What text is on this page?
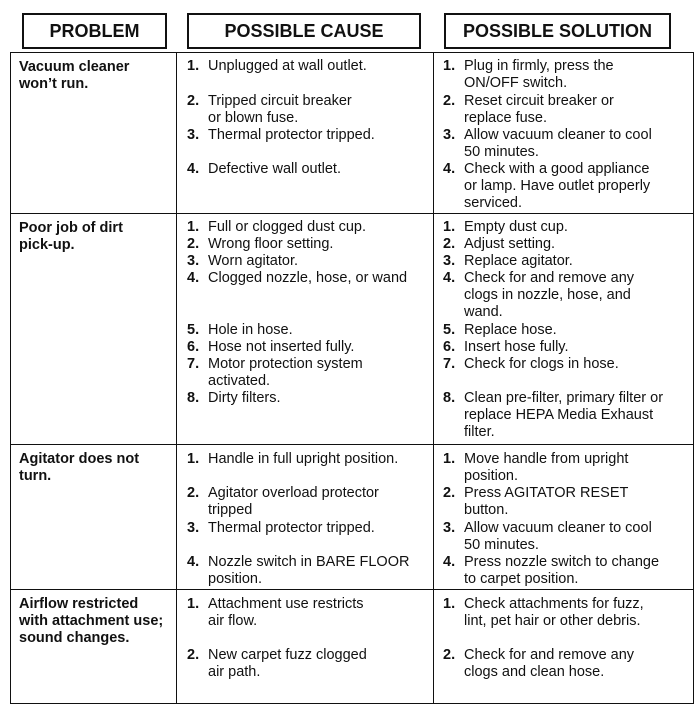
PROBLEM	POSSIBLE CAUSE	POSSIBLE SOLUTION
Vacuum cleaner
won’t run.
1. Unplugged at wall outlet.
2. Tripped circuit breaker
or blown fuse.
3. Thermal protector tripped.
4. Defective wall outlet.
1. Plug in firmly, press the
ON/OFF switch.
2. Reset circuit breaker or
replace fuse.
3. Allow vacuum cleaner to cool
50 minutes.
4. Check with a good appliance
or lamp. Have outlet properly
serviced.
Poor job of dirt
pick-up.
1. Full or clogged dust cup.
2. Wrong floor setting.
3. Worn agitator.
4. Clogged nozzle, hose, or wand
5. Hole in hose.
6. Hose not inserted fully.
7. Motor protection system
activated.
8. Dirty filters.
1. Empty dust cup.
2. Adjust setting.
3. Replace agitator.
4. Check for and remove any
clogs in nozzle, hose, and
wand.
5. Replace hose.
6. Insert hose fully.
7. Check for clogs in hose.
8. Clean pre-filter, primary filter or
replace HEPA Media Exhaust
filter.
Agitator does not
turn.
1. Handle in full upright position.
2. Agitator overload protector
tripped
3. Thermal protector tripped.
4. Nozzle switch in BARE FLOOR
position.
1. Move handle from upright
position.
2. Press AGITATOR RESET
button.
3. Allow vacuum cleaner to cool
50 minutes.
4. Press nozzle switch to change
to carpet position.
Airflow restricted
with attachment use;
sound changes.
1. Attachment use restricts
air flow.
2. New carpet fuzz clogged
air path.
1. Check attachments for fuzz,
lint, pet hair or other debris.
2. Check for and remove any
clogs and clean hose.
